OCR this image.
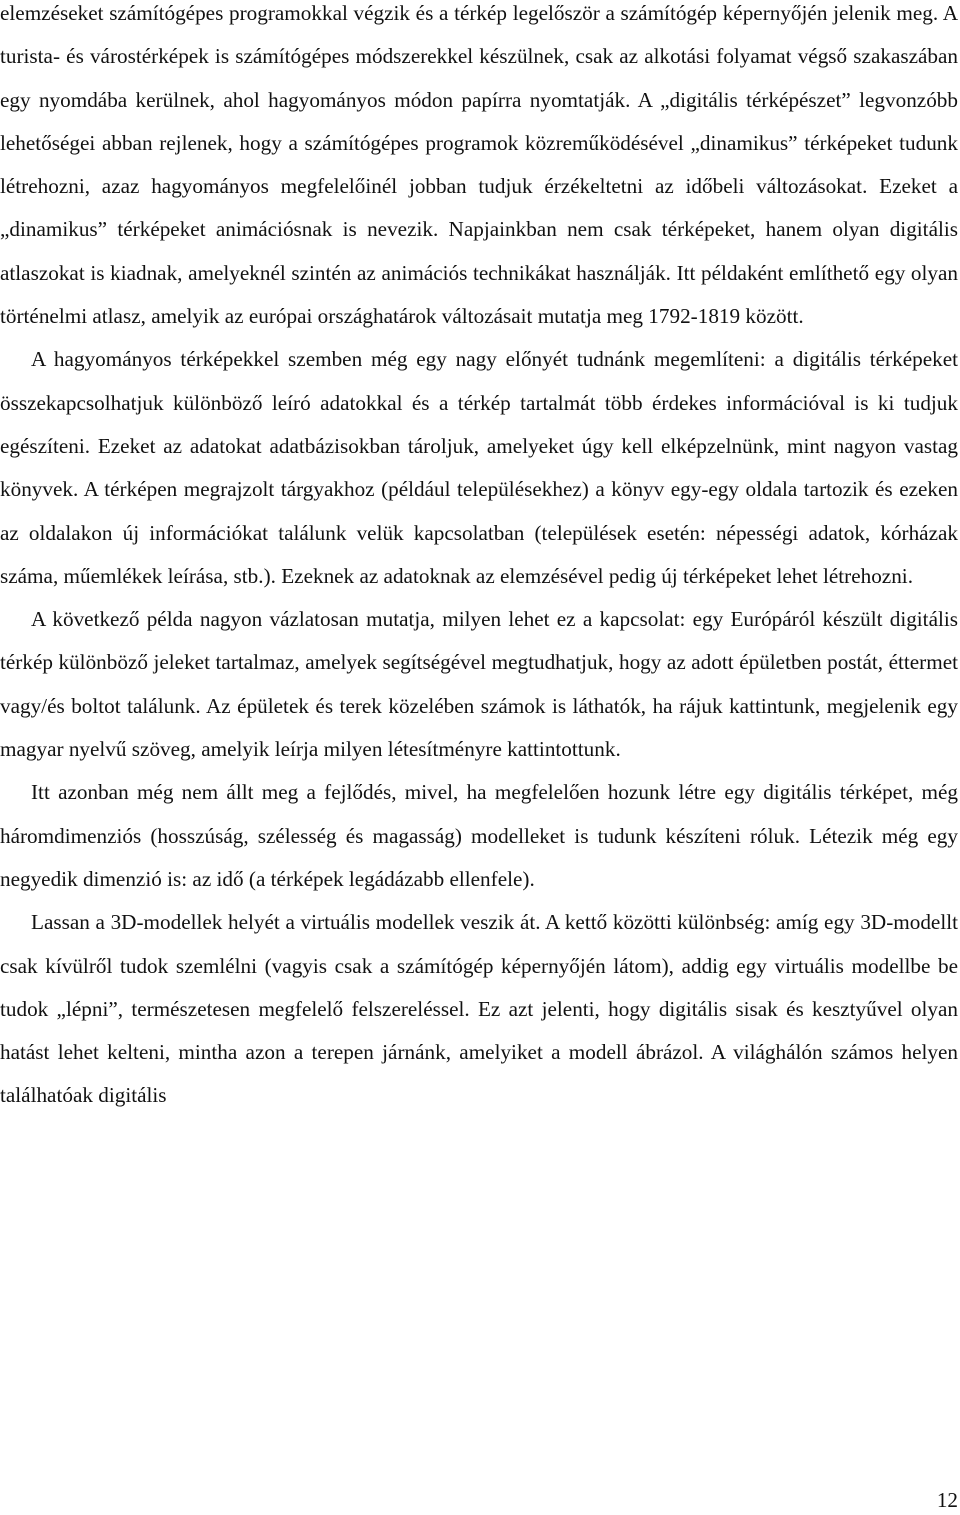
elemzéseket számítógépes programokkal végzik és a térkép legelőször a számítógép képernyőjén jelenik meg. A turista- és várostérképek is számítógépes módszerekkel készülnek, csak az alkotási folyamat végső szakaszában egy nyomdába kerülnek, ahol hagyományos módon papírra nyomtatják. A „digitális térképészet” legvonzóbb lehetőségei abban rejlenek, hogy a számítógépes programok közreműködésével „dinamikus” térképeket tudunk létrehozni, azaz hagyományos megfelelőinél jobban tudjuk érzékeltetni az időbeli változásokat. Ezeket a „dinamikus” térképeket animációsnak is nevezik. Napjainkban nem csak térképeket, hanem olyan digitális atlaszokat is kiadnak, amelyeknél szintén az animációs technikákat használják. Itt példaként említhető egy olyan történelmi atlasz, amelyik az európai országhatárok változásait mutatja meg 1792-1819 között.

A hagyományos térképekkel szemben még egy nagy előnyét tudnánk megemlíteni: a digitális térképeket összekapcsolhatjuk különböző leíró adatokkal és a térkép tartalmát több érdekes információval is ki tudjuk egészíteni. Ezeket az adatokat adatbázisokban tároljuk, amelyeket úgy kell elképzelnünk, mint nagyon vastag könyvek. A térképen megrajzolt tárgyakhoz (például településekhez) a könyv egy-egy oldala tartozik és ezeken az oldalakon új információkat találunk velük kapcsolatban (települések esetén: népességi adatok, kórházak száma, műemlékek leírása, stb.). Ezeknek az adatoknak az elemzésével pedig új térképeket lehet létrehozni.

A következő példa nagyon vázlatosan mutatja, milyen lehet ez a kapcsolat: egy Európáról készült digitális térkép különböző jeleket tartalmaz, amelyek segítségével megtudhatjuk, hogy az adott épületben postát, éttermet vagy/és boltot találunk. Az épületek és terek közelében számok is láthatók, ha rájuk kattintunk, megjelenik egy magyar nyelvű szöveg, amelyik leírja milyen létesítményre kattintottunk.

Itt azonban még nem állt meg a fejlődés, mivel, ha megfelelően hozunk létre egy digitális térképet, még háromdimenziós (hosszúság, szélesség és magasság) modelleket is tudunk készíteni róluk. Létezik még egy negyedik dimenzió is: az idő (a térképek legádázabb ellenfele).

Lassan a 3D-modellek helyét a virtuális modellek veszik át. A kettő közötti különbség: amíg egy 3D-modellt csak kívülről tudok szemlélni (vagyis csak a számítógép képernyőjén látom), addig egy virtuális modellbe be tudok „lépni”, természetesen megfelelő felszereléssel. Ez azt jelenti, hogy digitális sisak és kesztyűvel olyan hatást lehet kelteni, mintha azon a terepen járnánk, amelyiket a modell ábrázol. A világhálón számos helyen találhatóak digitális

12
